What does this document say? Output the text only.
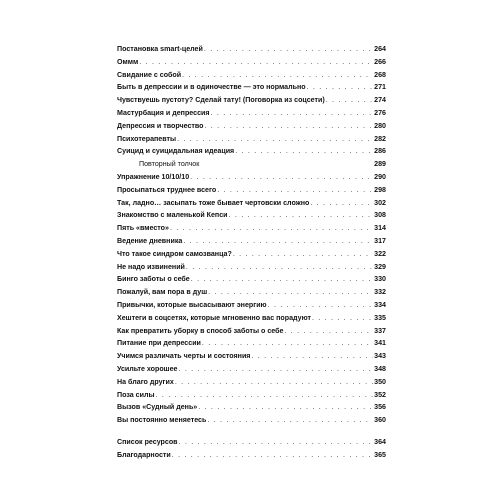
Постановка smart-целей . . .	264
Оммм . . .	266
Свидание с собой . . .	268
Быть в депрессии и в одиночестве — это нормально . . .	271
Чувствуешь пустоту? Сделай тату! (Поговорка из соцсети) . . .	274
Мастурбация и депрессия . . .	276
Депрессия и творчество . . .	280
Психотерапевты . . .	282
Суицид и суицидальная идеация . . .	286
Повторный толчок	289
Упражнение 10/10/10 . . .	290
Просыпаться труднее всего . . .	298
Так, ладно… засыпать тоже бывает чертовски сложно . . .	302
Знакомство с маленькой Кепси . . .	308
Пять «вместо» . . .	314
Ведение дневника . . .	317
Что такое синдром самозванца? . . .	322
Не надо извинений . . .	329
Бинго заботы о себе . . .	330
Пожалуй, вам пора в душ . . .	332
Привычки, которые высасывают энергию . . .	334
Хештеги в соцсетях, которые мгновенно вас порадуют . . .	335
Как превратить уборку в способ заботы о себе . . .	337
Питание при депрессии . . .	341
Учимся различать черты и состояния . . .	343
Усильте хорошее . . .	348
На благо других . . .	350
Поза силы . . .	352
Вызов «Судный день» . . .	356
Вы постоянно меняетесь . . .	360
Список ресурсов . . .	364
Благодарности . . .	365
